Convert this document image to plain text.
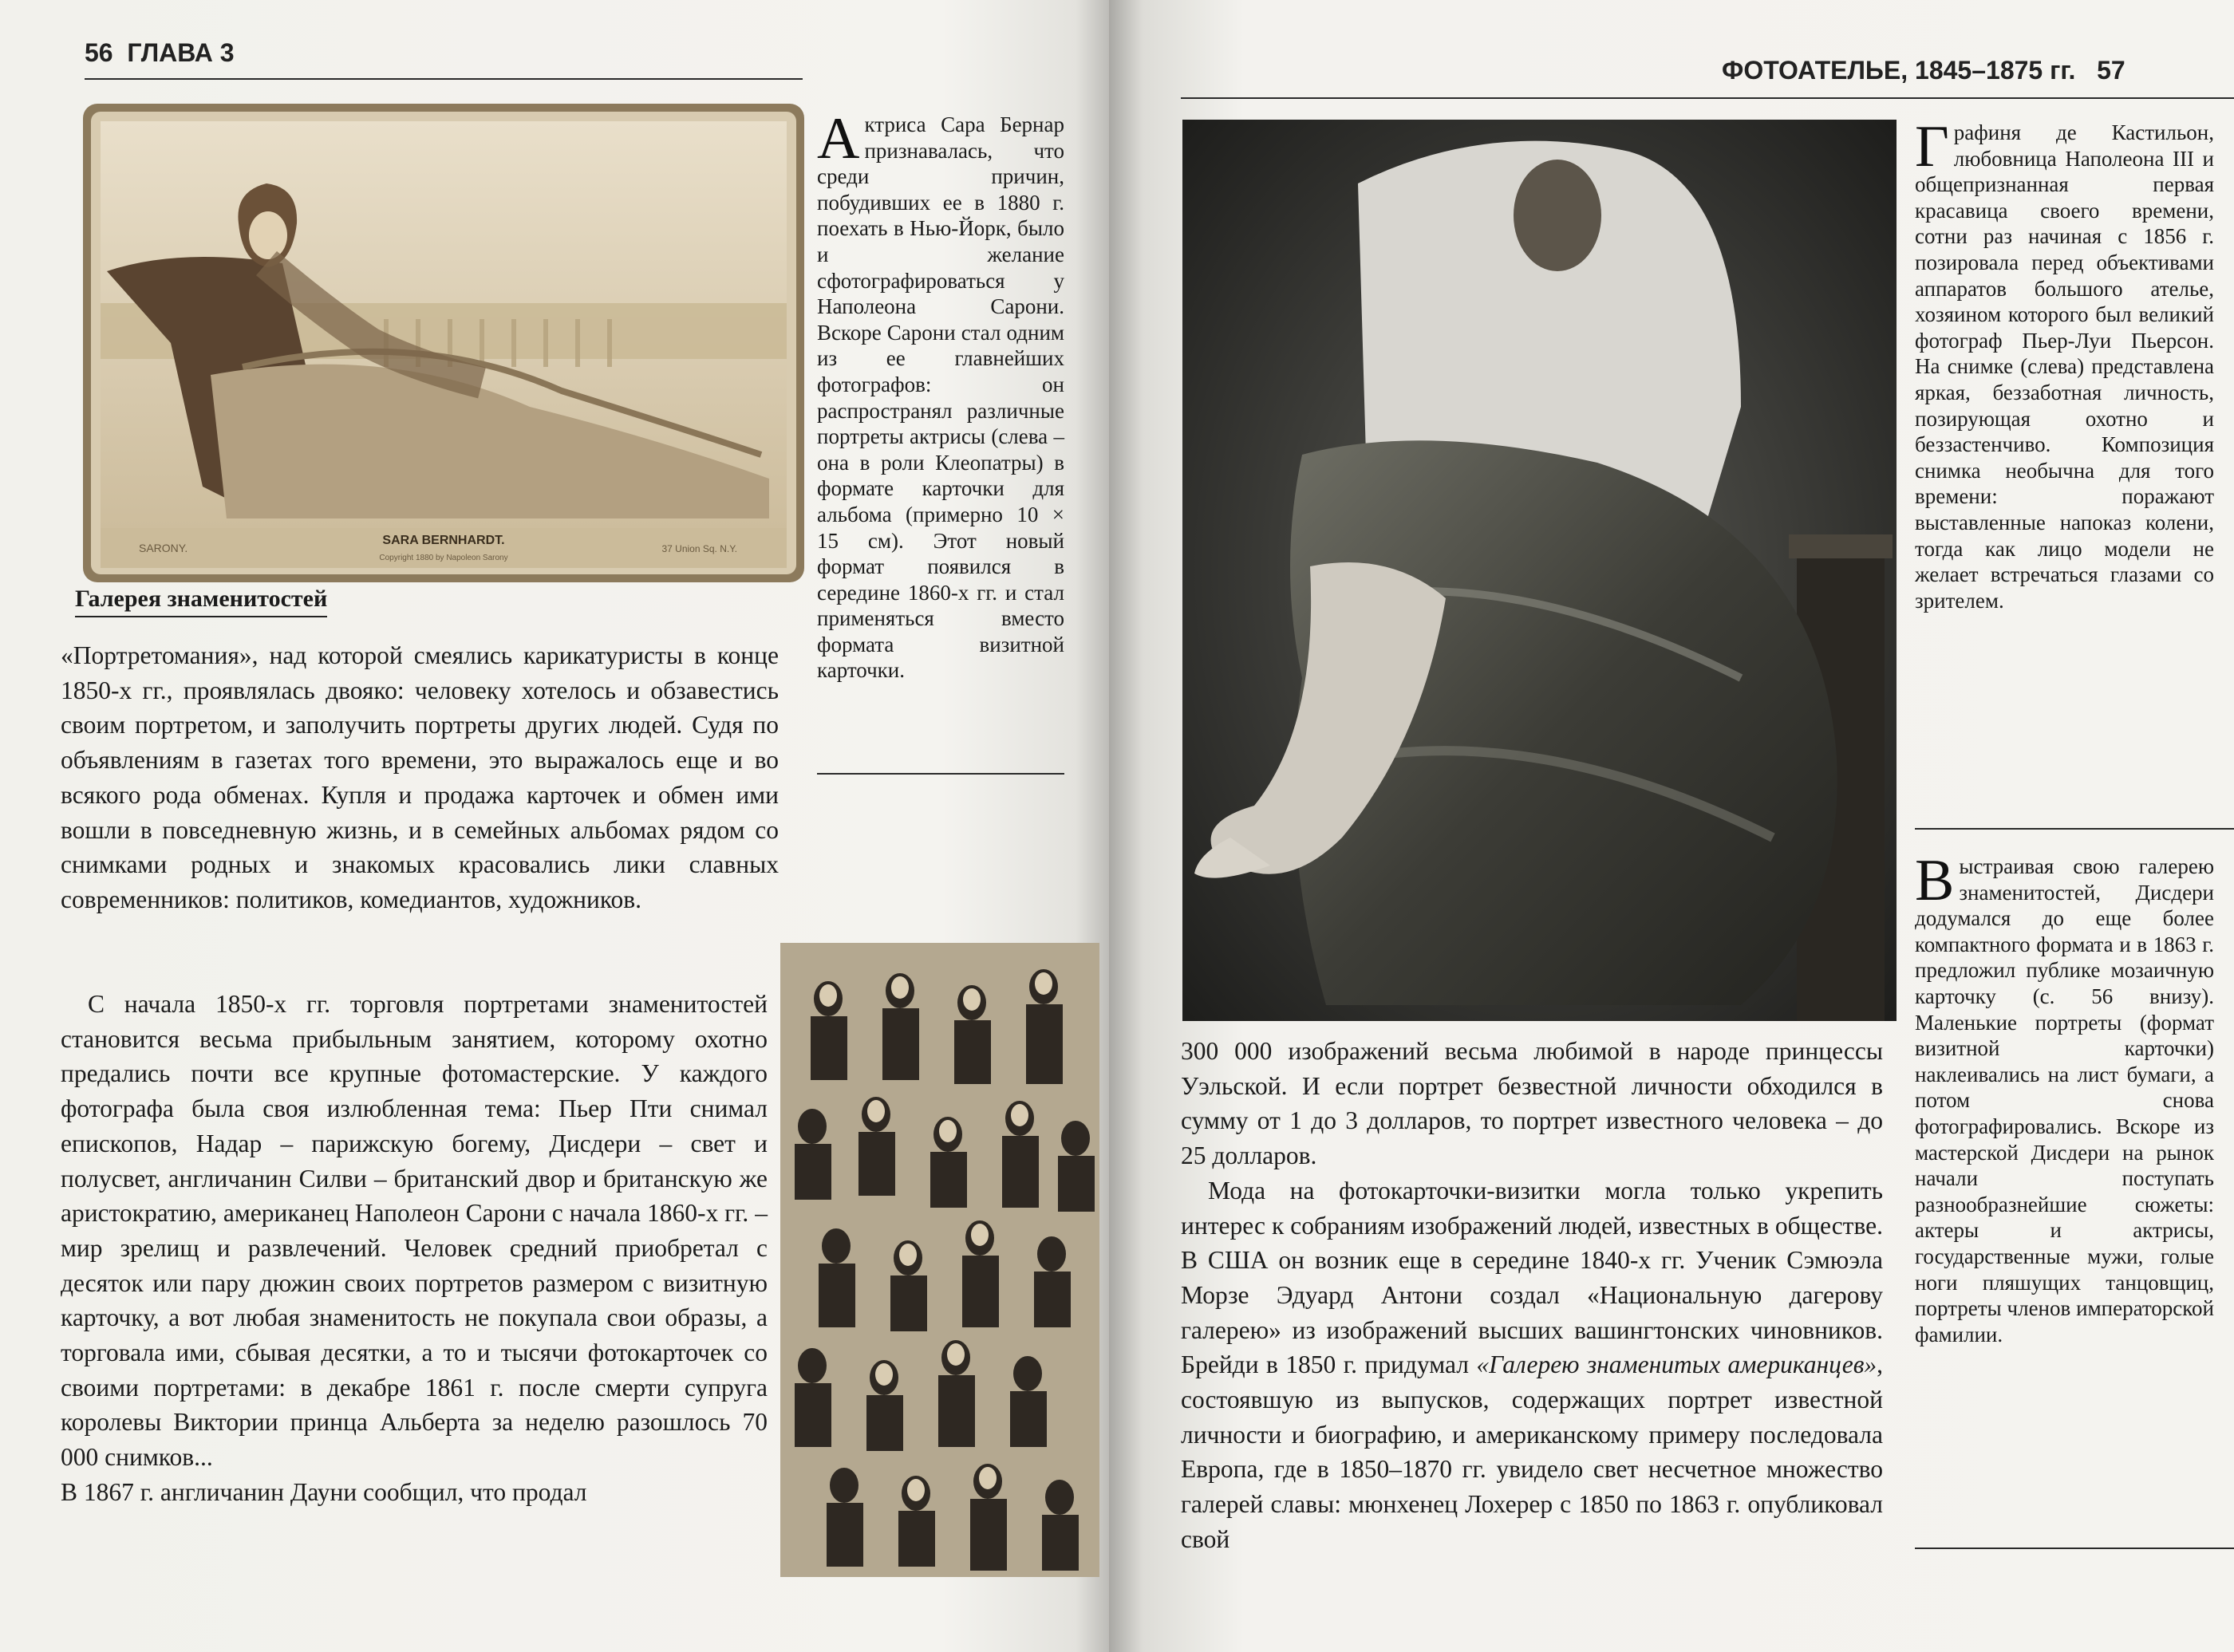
56 ГЛАВА 3
SARONY.
SARA BERNHARDT.
Copyright 1880 by Napoleon Sarony
37 Union Sq. N.Y.

Актриса Сара Бернар признавалась, что среди причин, побудивших ее в 1880 г. поехать в Нью-Йорк, было и желание сфотографироваться у Наполеона Сарони. Вскоре Сарони стал одним из ее главнейших фотографов: он распространял различные портреты актрисы (слева – она в роли Клеопатры) в формате карточки для альбома (примерно 10 × 15 см). Этот новый формат появился в середине 1860-х гг. и стал применяться вместо формата визитной карточки.

Галерея знаменитостей

«Портретомания», над которой смеялись карикатуристы в конце 1850-х гг., проявлялась двояко: человеку хотелось и обзавестись своим портретом, и заполучить портреты других людей. Судя по объявлениям в газетах того времени, это выражалось еще и во всякого рода обменах. Купля и продажа карточек и обмен ими вошли в повседневную жизнь, и в семейных альбомах рядом со снимками родных и знакомых красовались лики славных современников: политиков, комедиантов, художников.

С начала 1850-х гг. торговля портретами знаменитостей становится весьма прибыльным занятием, которому охотно предались почти все крупные фотомастерские. У каждого фотографа была своя излюбленная тема: Пьер Пти снимал епископов, Надар – парижскую богему, Дисдери – свет и полусвет, англичанин Силви – британский двор и британскую же аристократию, американец Наполеон Сарони с начала 1860-х гг. – мир зрелищ и развлечений. Человек средний приобретал с десяток или пару дюжин своих портретов размером с визитную карточку, а вот любая знаменитость не покупала свои образы, а торговала ими, сбывая десятки, а то и тысячи фотокарточек со своими портретами: в декабре 1861 г. после смерти супруга королевы Виктории принца Альберта за неделю разошлось 70 000 снимков...

В 1867 г. англичанин Дауни сообщил, что продал

ФОТОАТЕЛЬЕ, 1845–1875 гг. 57

Графиня де Кастильон, любовница Наполеона III и общепризнанная первая красавица своего времени, сотни раз начиная с 1856 г. позировала перед объективами аппаратов большого ателье, хозяином которого был великий фотограф Пьер-Луи Пьерсон. На снимке (слева) представлена яркая, беззаботная личность, позирующая охотно и беззастенчиво. Композиция снимка необычна для того времени: поражают выставленные напоказ колени, тогда как лицо модели не желает встречаться глазами со зрителем.

Выстраивая свою галерею знаменитостей, Дисдери додумался до еще более компактного формата и в 1863 г. предложил публике мозаичную карточку (с. 56 внизу). Маленькие портреты (формат визитной карточки) наклеивались на лист бумаги, а потом снова фотографировались. Вскоре из мастерской Дисдери на рынок начали поступать разнообразнейшие сюжеты: актеры и актрисы, государственные мужи, голые ноги пляшущих танцовщиц, портреты членов императорской фамилии.

300 000 изображений весьма любимой в народе принцессы Уэльской. И если портрет безвестной личности обходился в сумму от 1 до 3 долларов, то портрет известного человека – до 25 долларов.

Мода на фотокарточки-визитки могла только укрепить интерес к собраниям изображений людей, известных в обществе. В США он возник еще в середине 1840-х гг. Ученик Сэмюэла Морзе Эдуард Антони создал «Национальную дагерову галерею» из изображений высших вашингтонских чиновников. Брейди в 1850 г. придумал «Галерею знаменитых американцев», состоявшую из выпусков, содержащих портрет известной личности и биографию, и американскому примеру последовала Европа, где в 1850–1870 гг. увидело свет несчетное множество галерей славы: мюнхенец Лохерер с 1850 по 1863 г. опубликовал свой
